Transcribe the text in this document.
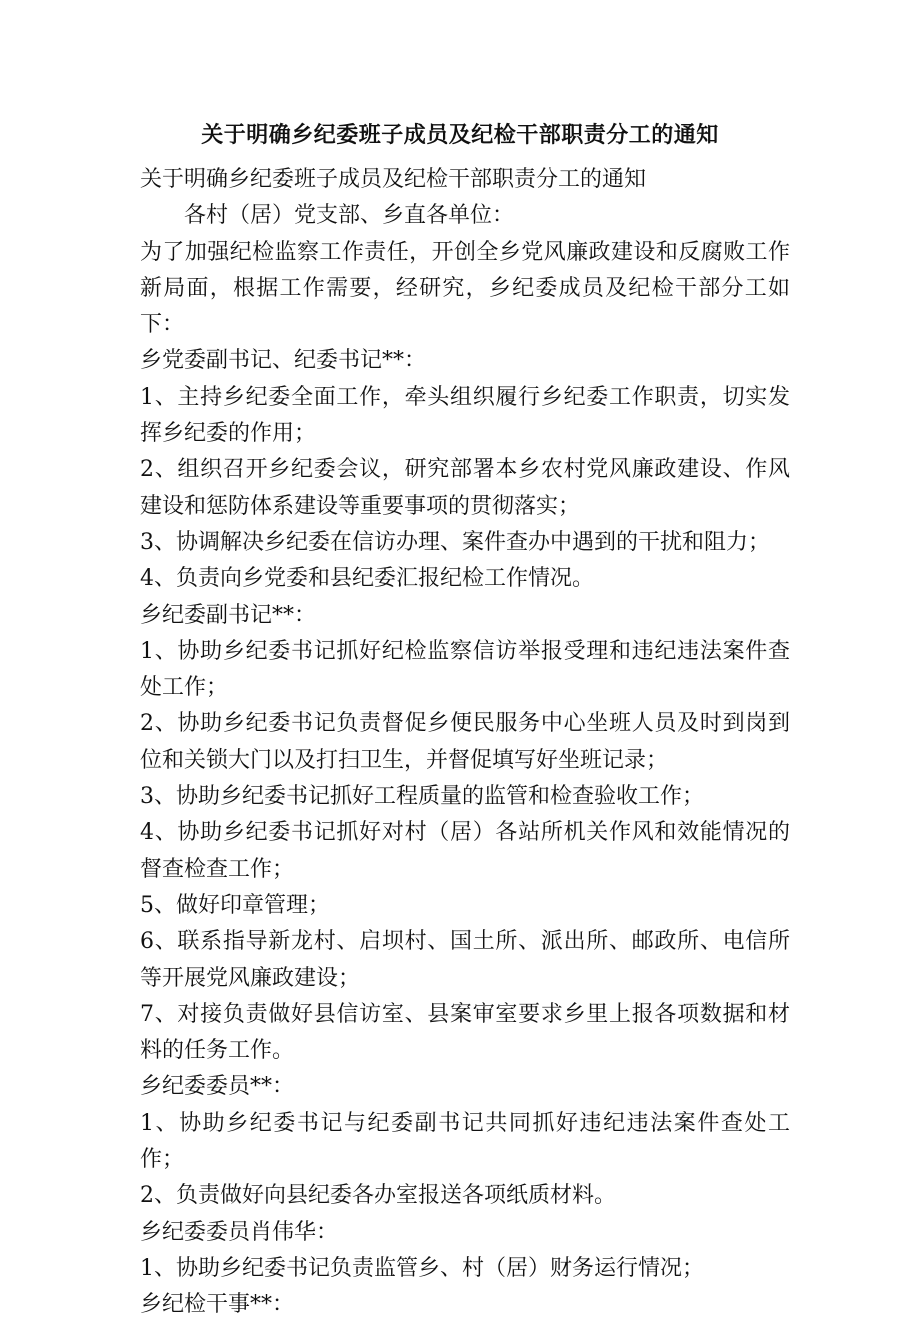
关于明确乡纪委班子成员及纪检干部职责分工的通知

关于明确乡纪委班子成员及纪检干部职责分工的通知

各村（居）党支部、乡直各单位：

为了加强纪检监察工作责任，开创全乡党风廉政建设和反腐败工作新局面，根据工作需要，经研究，乡纪委成员及纪检干部分工如下：

乡党委副书记、纪委书记**：

1、主持乡纪委全面工作，牵头组织履行乡纪委工作职责，切实发挥乡纪委的作用；

2、组织召开乡纪委会议，研究部署本乡农村党风廉政建设、作风建设和惩防体系建设等重要事项的贯彻落实；

3、协调解决乡纪委在信访办理、案件查办中遇到的干扰和阻力；

4、负责向乡党委和县纪委汇报纪检工作情况。

乡纪委副书记**：

1、协助乡纪委书记抓好纪检监察信访举报受理和违纪违法案件查处工作；

2、协助乡纪委书记负责督促乡便民服务中心坐班人员及时到岗到位和关锁大门以及打扫卫生，并督促填写好坐班记录；

3、协助乡纪委书记抓好工程质量的监管和检查验收工作；

4、协助乡纪委书记抓好对村（居）各站所机关作风和效能情况的督查检查工作；

5、做好印章管理；

6、联系指导新龙村、启坝村、国土所、派出所、邮政所、电信所等开展党风廉政建设；

7、对接负责做好县信访室、县案审室要求乡里上报各项数据和材料的任务工作。

乡纪委委员**：

1、协助乡纪委书记与纪委副书记共同抓好违纪违法案件查处工作；

2、负责做好向县纪委各办室报送各项纸质材料。

乡纪委委员肖伟华：

1、协助乡纪委书记负责监管乡、村（居）财务运行情况；

乡纪检干事**：
